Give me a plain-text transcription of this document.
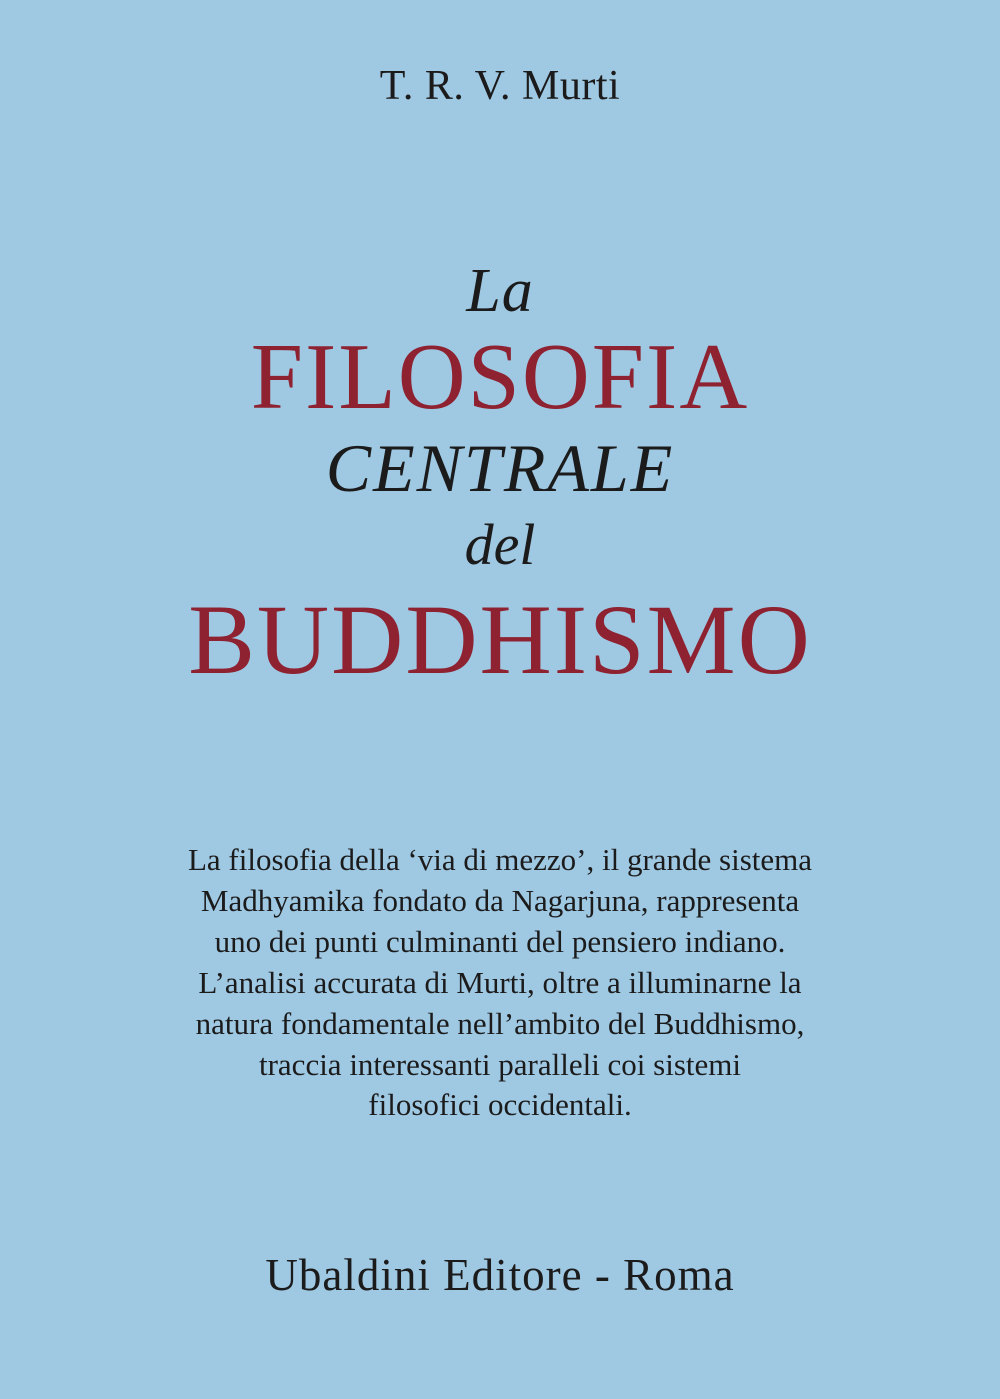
T. R. V. Murti
La
FILOSOFIA
CENTRALE
del
BUDDHISMO

La filosofia della ‘via di mezzo’, il grande sistema

Madhyamika fondato da Nagarjuna, rappresenta

uno dei punti culminanti del pensiero indiano.

L’analisi accurata di Murti, oltre a illuminarne la

natura fondamentale nell’ambito del Buddhismo,

traccia interessanti paralleli coi sistemi

filosofici occidentali.

Ubaldini Editore - Roma
